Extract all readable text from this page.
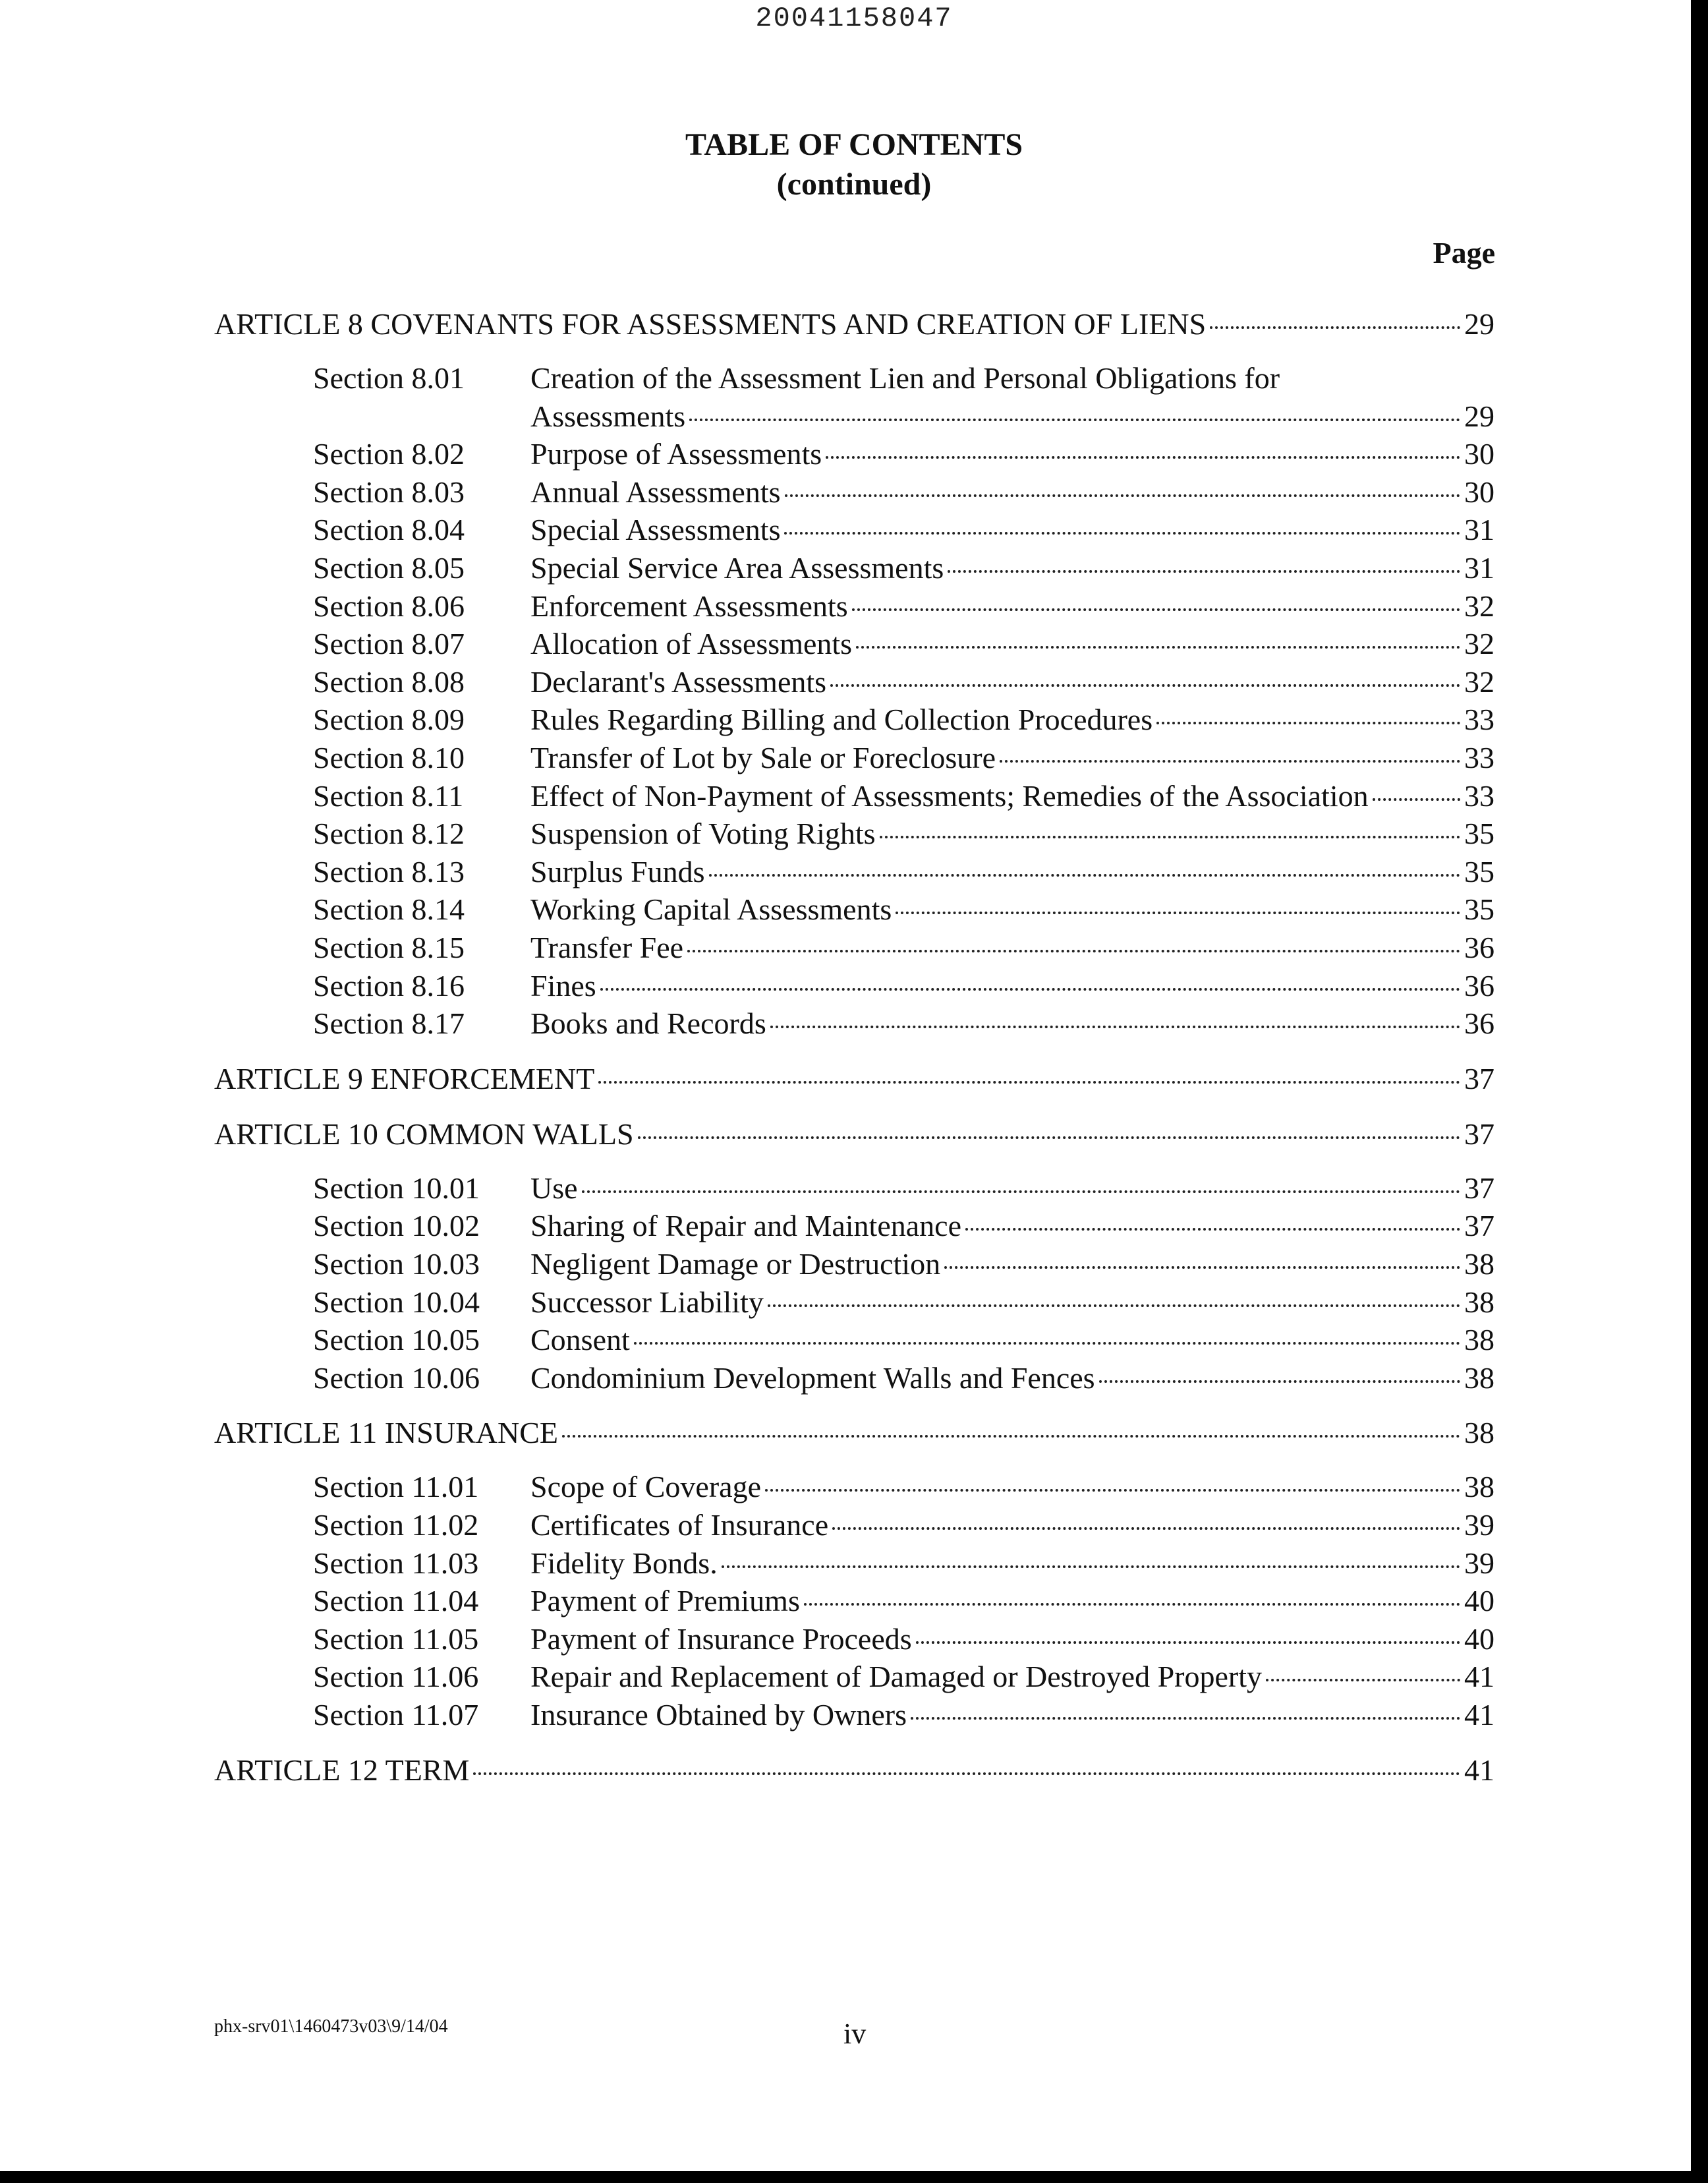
20041158047
TABLE OF CONTENTS
(continued)
Page
ARTICLE 8 COVENANTS FOR ASSESSMENTS AND CREATION OF LIENS	29
Section 8.01 Creation of the Assessment Lien and Personal Obligations for
Assessments	29
Section 8.02 Purpose of Assessments	30
Section 8.03 Annual Assessments	30
Section 8.04 Special Assessments	31
Section 8.05 Special Service Area Assessments	31
Section 8.06 Enforcement Assessments	32
Section 8.07 Allocation of Assessments	32
Section 8.08 Declarant's Assessments	32
Section 8.09 Rules Regarding Billing and Collection Procedures	33
Section 8.10 Transfer of Lot by Sale or Foreclosure	33
Section 8.11 Effect of Non-Payment of Assessments; Remedies of the Association	33
Section 8.12 Suspension of Voting Rights	35
Section 8.13 Surplus Funds	35
Section 8.14 Working Capital Assessments	35
Section 8.15 Transfer Fee	36
Section 8.16 Fines	36
Section 8.17 Books and Records	36
ARTICLE 9 ENFORCEMENT	37
ARTICLE 10 COMMON WALLS	37
Section 10.01 Use	37
Section 10.02 Sharing of Repair and Maintenance	37
Section 10.03 Negligent Damage or Destruction	38
Section 10.04 Successor Liability	38
Section 10.05 Consent	38
Section 10.06 Condominium Development Walls and Fences	38
ARTICLE 11 INSURANCE	38
Section 11.01 Scope of Coverage	38
Section 11.02 Certificates of Insurance	39
Section 11.03 Fidelity Bonds.	39
Section 11.04 Payment of Premiums	40
Section 11.05 Payment of Insurance Proceeds	40
Section 11.06 Repair and Replacement of Damaged or Destroyed Property	41
Section 11.07 Insurance Obtained by Owners	41
ARTICLE 12 TERM	41
phx-srv01\1460473v03\9/14/04	iv
